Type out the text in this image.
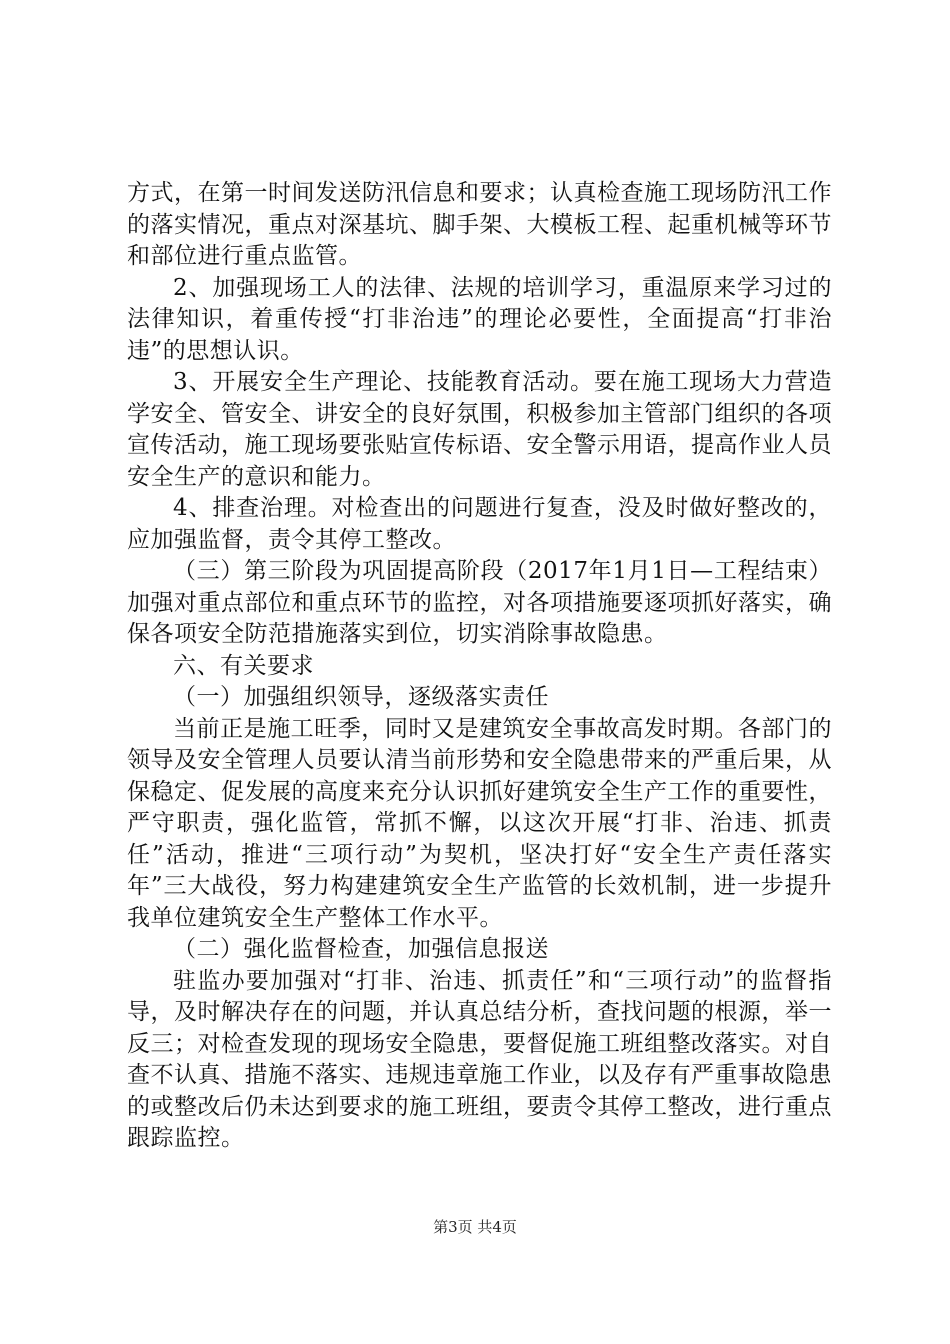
方式，在第一时间发送防汛信息和要求；认真检查施工现场防汛工作的落实情况，重点对深基坑、脚手架、大模板工程、起重机械等环节和部位进行重点监管。

2、加强现场工人的法律、法规的培训学习，重温原来学习过的法律知识，着重传授“打非治违”的理论必要性，全面提高“打非治违”的思想认识。

3、开展安全生产理论、技能教育活动。要在施工现场大力营造学安全、管安全、讲安全的良好氛围，积极参加主管部门组织的各项宣传活动，施工现场要张贴宣传标语、安全警示用语，提高作业人员安全生产的意识和能力。

4、排查治理。对检查出的问题进行复查，没及时做好整改的，应加强监督，责令其停工整改。

（三）第三阶段为巩固提高阶段（2017年1月1日—工程结束）加强对重点部位和重点环节的监控，对各项措施要逐项抓好落实，确保各项安全防范措施落实到位，切实消除事故隐患。

六、有关要求

（一）加强组织领导，逐级落实责任

当前正是施工旺季，同时又是建筑安全事故高发时期。各部门的领导及安全管理人员要认清当前形势和安全隐患带来的严重后果，从保稳定、促发展的高度来充分认识抓好建筑安全生产工作的重要性，严守职责，强化监管，常抓不懈，以这次开展“打非、治违、抓责任”活动，推进“三项行动”为契机，坚决打好“安全生产责任落实年”三大战役，努力构建建筑安全生产监管的长效机制，进一步提升我单位建筑安全生产整体工作水平。

（二）强化监督检查，加强信息报送

驻监办要加强对“打非、治违、抓责任”和“三项行动”的监督指导，及时解决存在的问题，并认真总结分析，查找问题的根源，举一反三；对检查发现的现场安全隐患，要督促施工班组整改落实。对自查不认真、措施不落实、违规违章施工作业，以及存有严重事故隐患的或整改后仍未达到要求的施工班组，要责令其停工整改，进行重点跟踪监控。

第3页 共4页
